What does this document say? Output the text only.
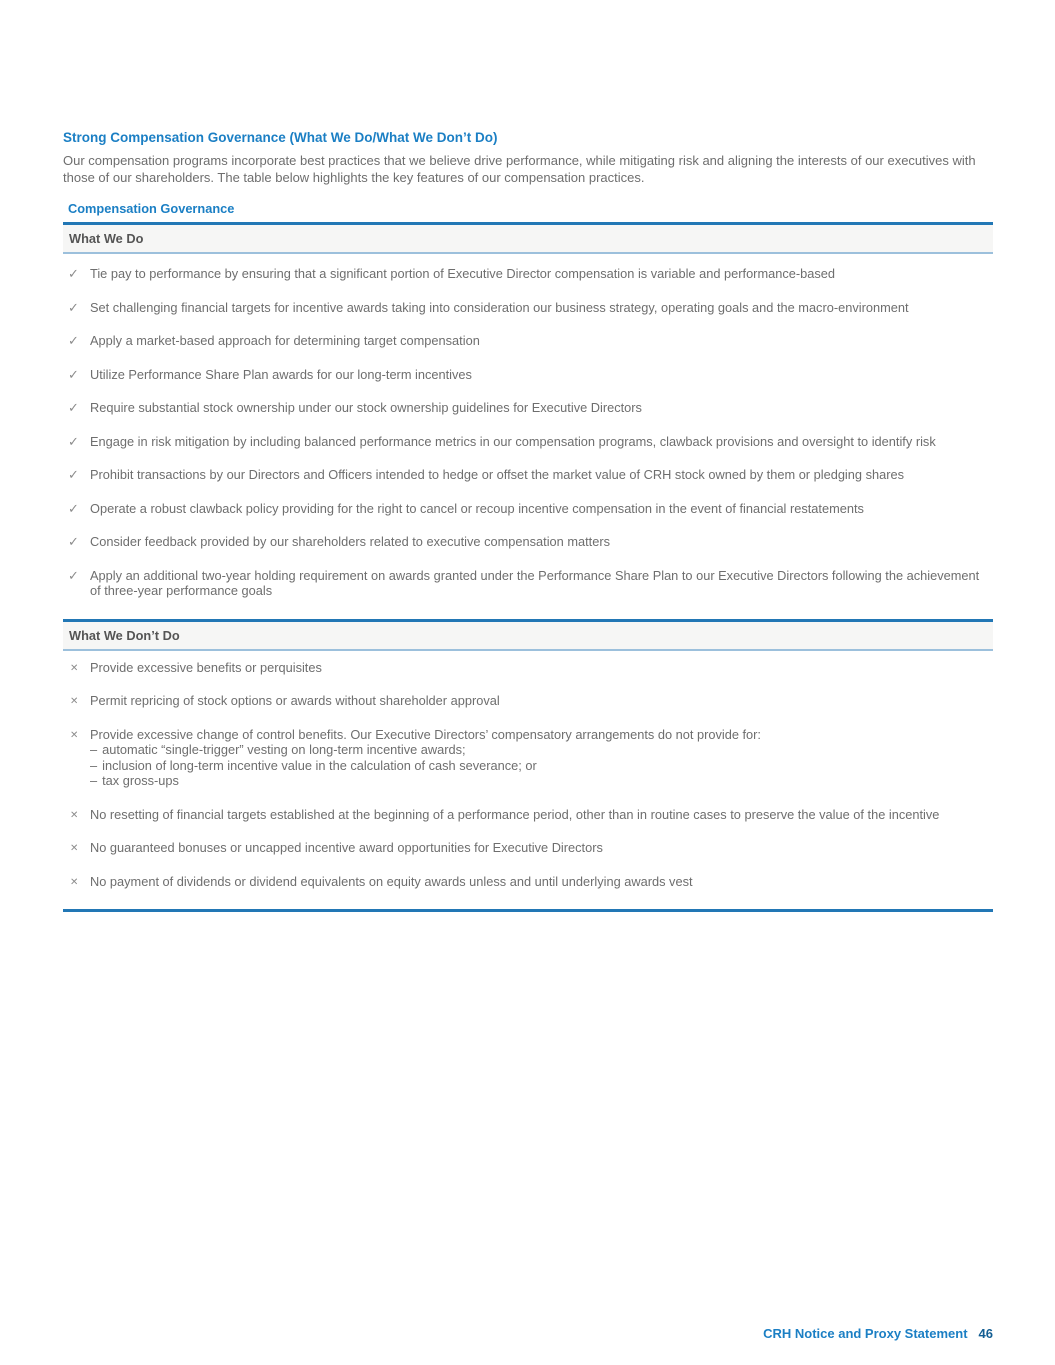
Strong Compensation Governance (What We Do/What We Don’t Do)

Our compensation programs incorporate best practices that we believe drive performance, while mitigating risk and aligning the interests of our executives with those of our shareholders. The table below highlights the key features of our compensation practices.

Compensation Governance
What We Do
✓ Tie pay to performance by ensuring that a significant portion of Executive Director compensation is variable and performance-based
✓ Set challenging financial targets for incentive awards taking into consideration our business strategy, operating goals and the macro-environment
✓ Apply a market-based approach for determining target compensation
✓ Utilize Performance Share Plan awards for our long-term incentives
✓ Require substantial stock ownership under our stock ownership guidelines for Executive Directors
✓ Engage in risk mitigation by including balanced performance metrics in our compensation programs, clawback provisions and oversight to identify risk
✓ Prohibit transactions by our Directors and Officers intended to hedge or offset the market value of CRH stock owned by them or pledging shares
✓ Operate a robust clawback policy providing for the right to cancel or recoup incentive compensation in the event of financial restatements
✓ Consider feedback provided by our shareholders related to executive compensation matters
✓ Apply an additional two-year holding requirement on awards granted under the Performance Share Plan to our Executive Directors following the achievement of three-year performance goals
What We Don’t Do
✕ Provide excessive benefits or perquisites
✕ Permit repricing of stock options or awards without shareholder approval
✕ Provide excessive change of control benefits. Our Executive Directors’ compensatory arrangements do not provide for:
– automatic “single-trigger” vesting on long-term incentive awards;
– inclusion of long-term incentive value in the calculation of cash severance; or
– tax gross-ups
✕ No resetting of financial targets established at the beginning of a performance period, other than in routine cases to preserve the value of the incentive
✕ No guaranteed bonuses or uncapped incentive award opportunities for Executive Directors
✕ No payment of dividends or dividend equivalents on equity awards unless and until underlying awards vest
CRH Notice and Proxy Statement 46
